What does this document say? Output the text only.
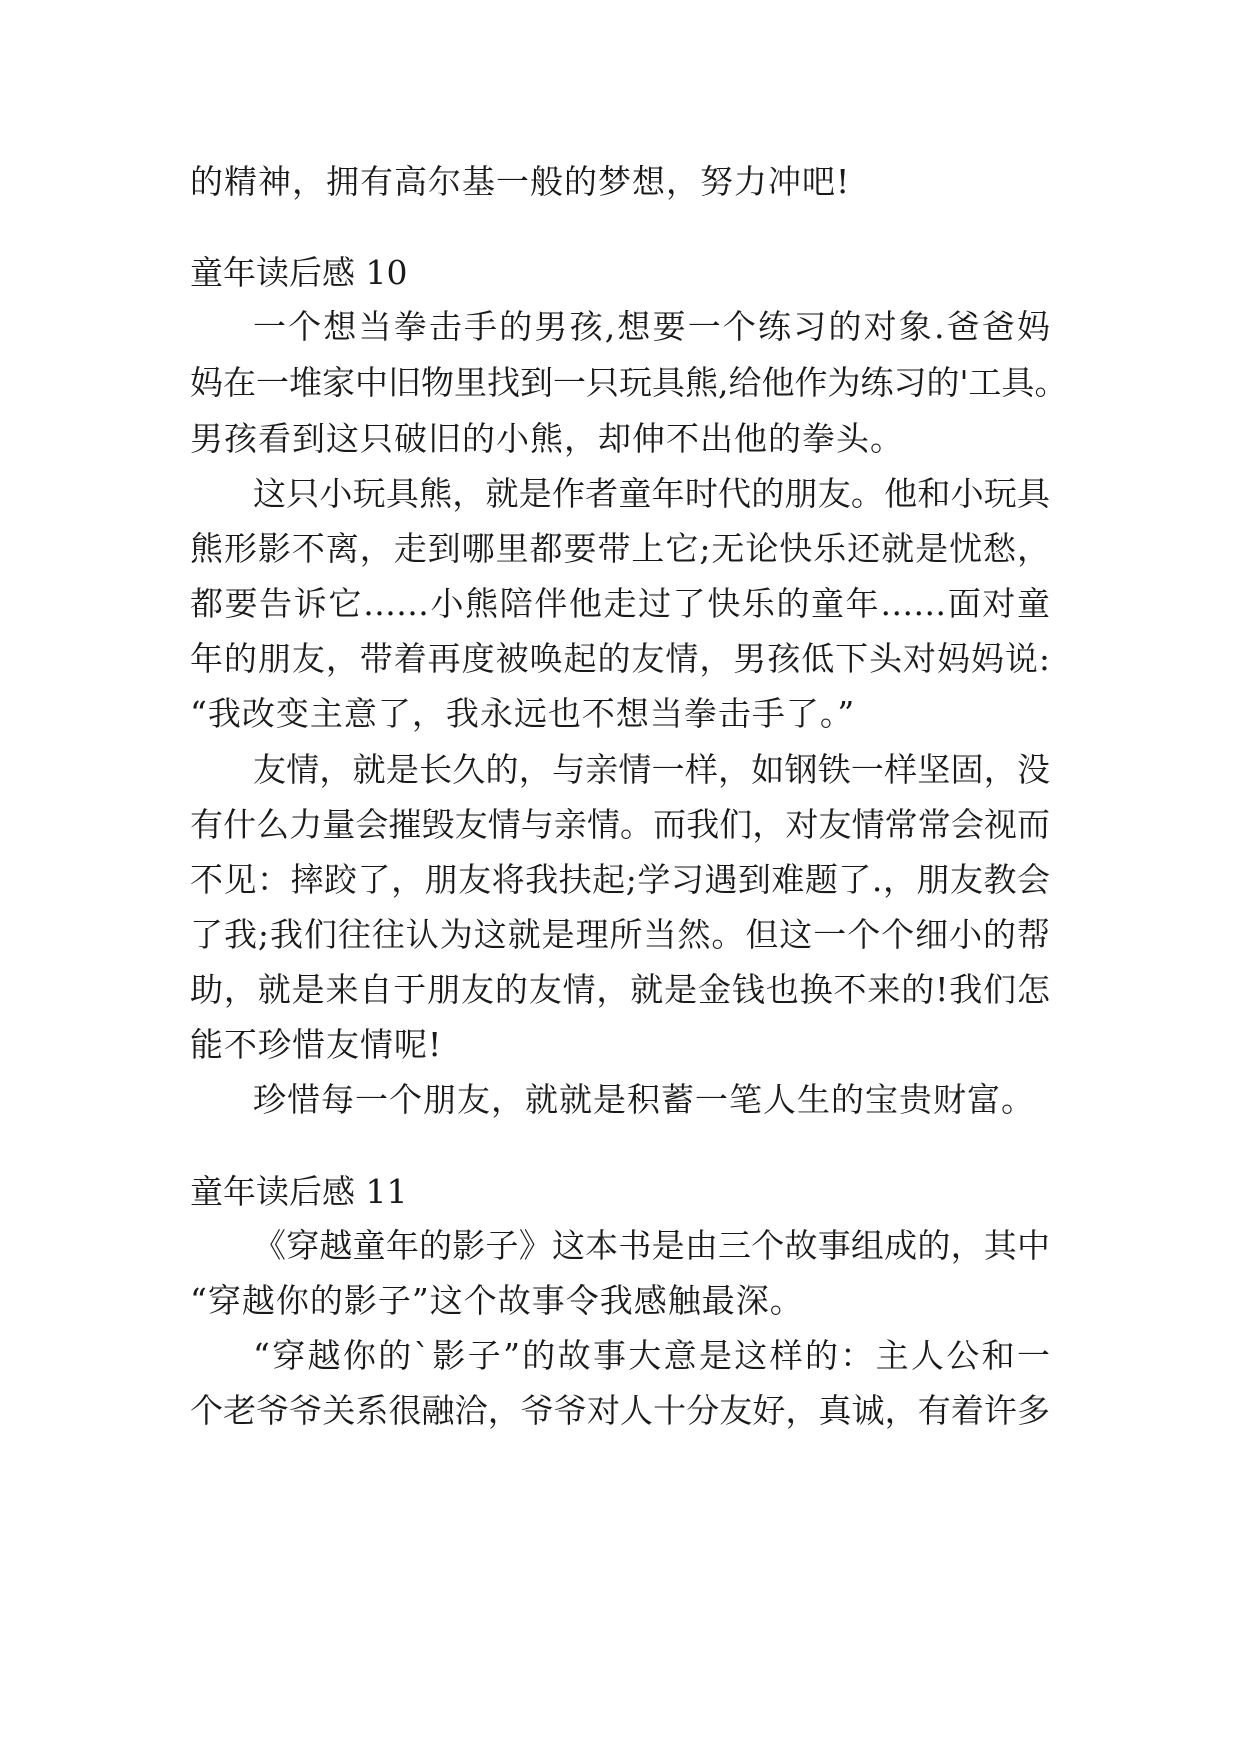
的精神，拥有高尔基一般的梦想，努力冲吧!
童年读后感 10
一个想当拳击手的男孩,想要一个练习的对象.爸爸妈
妈在一堆家中旧物里找到一只玩具熊,给他作为练习的'工具。
男孩看到这只破旧的小熊，却伸不出他的拳头。
这只小玩具熊，就是作者童年时代的朋友。他和小玩具
熊形影不离，走到哪里都要带上它;无论快乐还就是忧愁，
都要告诉它……小熊陪伴他走过了快乐的童年……面对童
年的朋友，带着再度被唤起的友情，男孩低下头对妈妈说:
“我改变主意了，我永远也不想当拳击手了。”
友情，就是长久的，与亲情一样，如钢铁一样坚固，没
有什么力量会摧毁友情与亲情。而我们，对友情常常会视而
不见：摔跤了，朋友将我扶起;学习遇到难题了.，朋友教会
了我;我们往往认为这就是理所当然。但这一个个细小的帮
助，就是来自于朋友的友情，就是金钱也换不来的!我们怎
能不珍惜友情呢!
珍惜每一个朋友，就就是积蓄一笔人生的宝贵财富。
童年读后感 11
《穿越童年的影子》这本书是由三个故事组成的，其中
“穿越你的影子”这个故事令我感触最深。
“穿越你的`影子”的故事大意是这样的：主人公和一
个老爷爷关系很融洽，爷爷对人十分友好，真诚，有着许多
